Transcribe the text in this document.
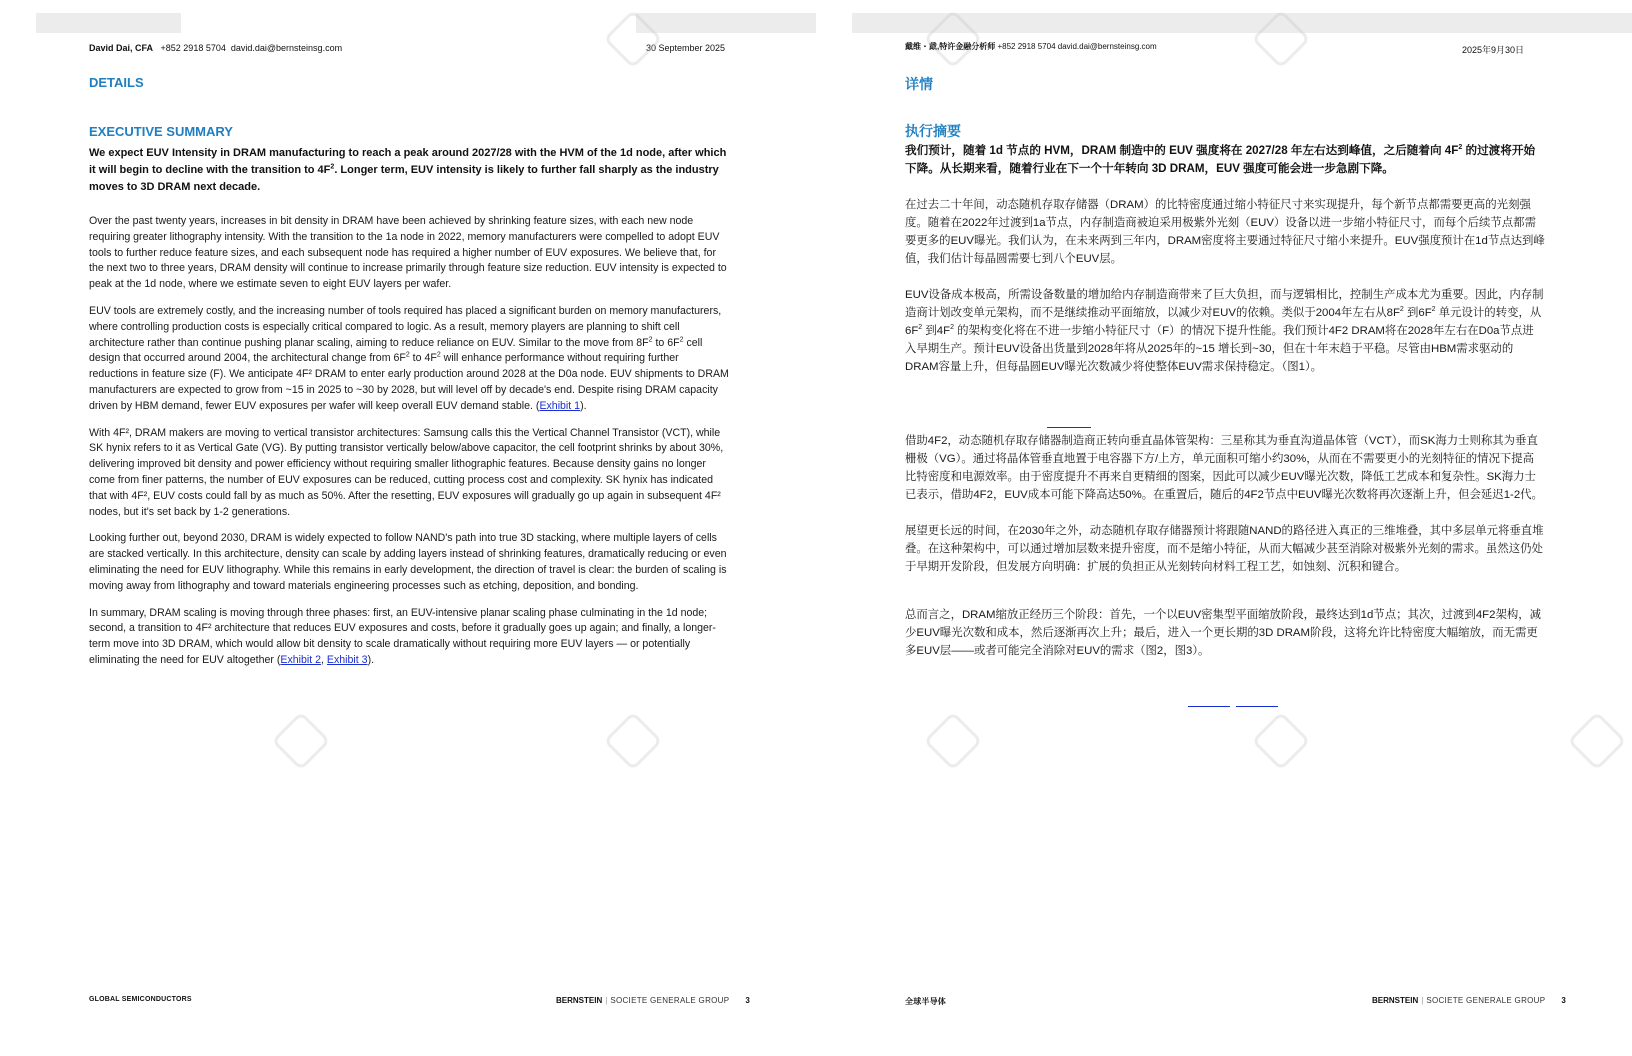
David Dai, CFA +852 2918 5704 david.dai@bernsteinsg.com	30 September 2025
DETAILS
EXECUTIVE SUMMARY

We expect EUV Intensity in DRAM manufacturing to reach a peak around 2027/28 with the HVM of the 1d node, after which it will begin to decline with the transition to $4F^2$. Longer term, EUV intensity is likely to further fall sharply as the industry moves to 3D DRAM next decade.

Over the past twenty years, increases in bit density in DRAM have been achieved by shrinking feature sizes, with each new node requiring greater lithography intensity. With the transition to the 1a node in 2022, memory manufacturers were compelled to adopt EUV tools to further reduce feature sizes, and each subsequent node has required a higher number of EUV exposures. We believe that, for the next two to three years, DRAM density will continue to increase primarily through feature size reduction. EUV intensity is expected to peak at the 1d node, where we estimate seven to eight EUV layers per wafer.

EUV tools are extremely costly, and the increasing number of tools required has placed a significant burden on memory manufacturers, where controlling production costs is especially critical compared to logic. As a result, memory players are planning to shift cell architecture rather than continue pushing planar scaling, aiming to reduce reliance on EUV. Similar to the move from $8F^2$ to $6F^2$ cell design that occurred around 2004, the architectural change from $6F^2$ to $4F^2$ will enhance performance without requiring further reductions in feature size (F). We anticipate 4F² DRAM to enter early production around 2028 at the D0a node. EUV shipments to DRAM manufacturers are expected to grow from ~15 in 2025 to ~30 by 2028, but will level off by decade's end. Despite rising DRAM capacity driven by HBM demand, fewer EUV exposures per wafer will keep overall EUV demand stable. (Exhibit 1).

With 4F², DRAM makers are moving to vertical transistor architectures: Samsung calls this the Vertical Channel Transistor (VCT), while SK hynix refers to it as Vertical Gate (VG). By putting transistor vertically below/above capacitor, the cell footprint shrinks by about 30%, delivering improved bit density and power efficiency without requiring smaller lithographic features. Because density gains no longer come from finer patterns, the number of EUV exposures can be reduced, cutting process cost and complexity. SK hynix has indicated that with 4F², EUV costs could fall by as much as 50%. After the resetting, EUV exposures will gradually go up again in subsequent 4F² nodes, but it's set back by 1-2 generations.

Looking further out, beyond 2030, DRAM is widely expected to follow NAND's path into true 3D stacking, where multiple layers of cells are stacked vertically. In this architecture, density can scale by adding layers instead of shrinking features, dramatically reducing or even eliminating the need for EUV lithography. While this remains in early development, the direction of travel is clear: the burden of scaling is moving away from lithography and toward materials engineering processes such as etching, deposition, and bonding.

In summary, DRAM scaling is moving through three phases: first, an EUV-intensive planar scaling phase culminating in the 1d node; second, a transition to 4F² architecture that reduces EUV exposures and costs, before it gradually goes up again; and finally, a longer-term move into 3D DRAM, which would allow bit density to scale dramatically without requiring more EUV layers — or potentially eliminating the need for EUV altogether (Exhibit 2, Exhibit 3).

GLOBAL SEMICONDUCTORS	BERNSTEIN | SOCIETE GENERALE GROUP 3
戴维・戴,特许金融分析师 +852 2918 5704 david.dai@bernsteinsg.com	2025年9月30日
详情
执行摘要

我们预计，随着 1d 节点的 HVM，DRAM 制造中的 EUV 强度将在 2027/28 年左右达到峰值，之后随着向 $4F^2$ 的过渡将开始下降。从长期来看，随着行业在下一个十年转向 3D DRAM，EUV 强度可能会进一步急剧下降。

在过去二十年间，动态随机存取存储器（DRAM）的比特密度通过缩小特征尺寸来实现提升，每个新节点都需要更高的光刻强度。随着在2022年过渡到1a节点，内存制造商被迫采用极紫外光刻（EUV）设备以进一步缩小特征尺寸，而每个后续节点都需要更多的EUV曝光。我们认为，在未来两到三年内，DRAM密度将主要通过特征尺寸缩小来提升。EUV强度预计在1d节点达到峰值，我们估计每晶圆需要七到八个EUV层。

EUV设备成本极高，所需设备数量的增加给内存制造商带来了巨大负担，而与逻辑相比，控制生产成本尤为重要。因此，内存制造商计划改变单元架构，而不是继续推动平面缩放，以减少对EUV的依赖。类似于2004年左右从$8F^2$ 到$6F^2$ 单元设计的转变，从$6F^2$ 到$4F^2$ 的架构变化将在不进一步缩小特征尺寸（F）的情况下提升性能。我们预计4F2 DRAM将在2028年左右在D0a节点进入早期生产。预计EUV设备出货量到2028年将从2025年的~15 增长到~30，但在十年末趋于平稳。尽管由HBM需求驱动的DRAM容量上升，但每晶圆EUV曝光次数减少将使整体EUV需求保持稳定。（图1）。

借助4F2，动态随机存取存储器制造商正转向垂直晶体管架构：三星称其为垂直沟道晶体管（VCT），而SK海力士则称其为垂直栅极（VG）。通过将晶体管垂直地置于电容器下方/上方，单元面积可缩小约30%，从而在不需要更小的光刻特征的情况下提高比特密度和电源效率。由于密度提升不再来自更精细的图案，因此可以减少EUV曝光次数，降低工艺成本和复杂性。SK海力士已表示，借助4F2，EUV成本可能下降高达50%。在重置后，随后的4F2节点中EUV曝光次数将再次逐渐上升，但会延迟1-2代。

展望更长远的时间，在2030年之外，动态随机存取存储器预计将跟随NAND的路径进入真正的三维堆叠，其中多层单元将垂直堆叠。在这种架构中，可以通过增加层数来提升密度，而不是缩小特征，从而大幅减少甚至消除对极紫外光刻的需求。虽然这仍处于早期开发阶段，但发展方向明确：扩展的负担正从光刻转向材料工程工艺，如蚀刻、沉积和键合。

总而言之，DRAM缩放正经历三个阶段：首先，一个以EUV密集型平面缩放阶段，最终达到1d节点；其次，过渡到4F2架构，减少EUV曝光次数和成本，然后逐渐再次上升；最后，进入一个更长期的3D DRAM阶段，这将允许比特密度大幅缩放，而无需更多EUV层——或者可能完全消除对EUV的需求（图2，图3）。

全球半导体	BERNSTEIN | SOCIETE GENERALE GROUP 3
